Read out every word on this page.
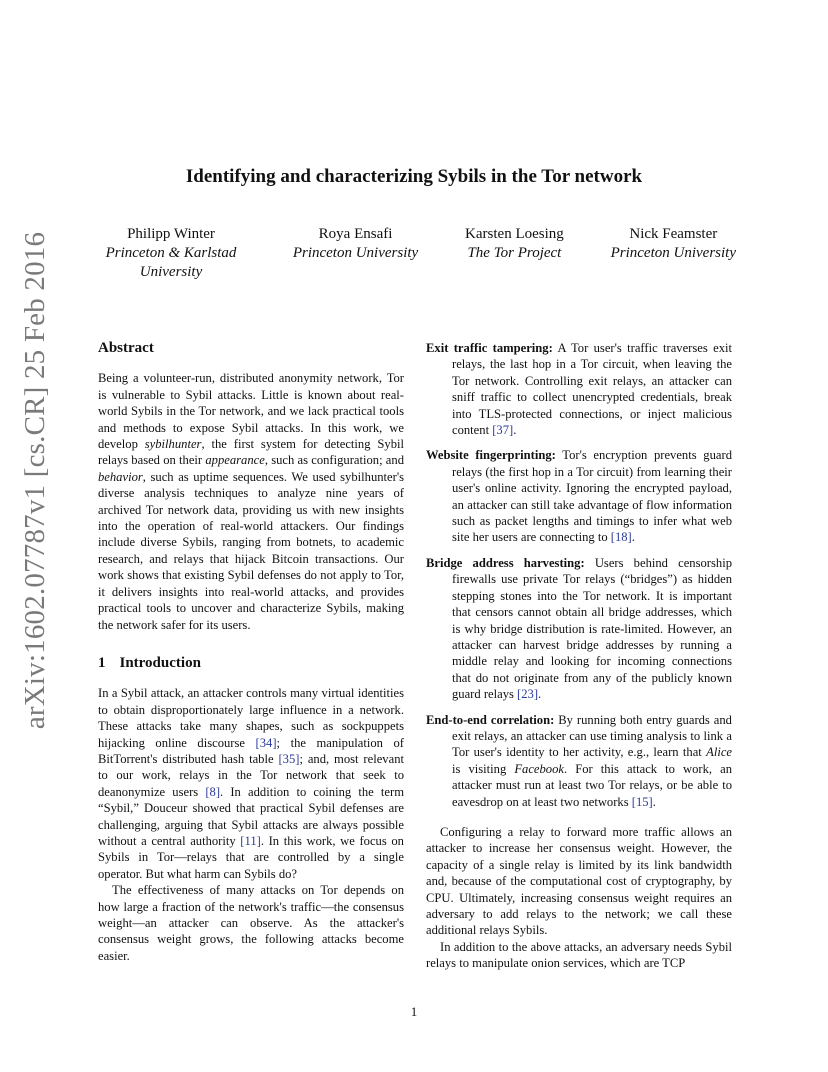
arXiv:1602.07787v1 [cs.CR] 25 Feb 2016
Identifying and characterizing Sybils in the Tor network
Philipp Winter
Princeton & Karlstad University
Roya Ensafi
Princeton University
Karsten Loesing
The Tor Project
Nick Feamster
Princeton University
Abstract

Being a volunteer-run, distributed anonymity network, Tor is vulnerable to Sybil attacks. Little is known about real-world Sybils in the Tor network, and we lack practical tools and methods to expose Sybil attacks. In this work, we develop sybilhunter, the first system for detecting Sybil relays based on their appearance, such as configuration; and behavior, such as uptime sequences. We used sybilhunter's diverse analysis techniques to analyze nine years of archived Tor network data, providing us with new insights into the operation of real-world attackers. Our findings include diverse Sybils, ranging from botnets, to academic research, and relays that hijack Bitcoin transactions. Our work shows that existing Sybil defenses do not apply to Tor, it delivers insights into real-world attacks, and provides practical tools to uncover and characterize Sybils, making the network safer for its users.

1 Introduction

In a Sybil attack, an attacker controls many virtual identities to obtain disproportionately large influence in a network. These attacks take many shapes, such as sockpuppets hijacking online discourse [34]; the manipulation of BitTorrent's distributed hash table [35]; and, most relevant to our work, relays in the Tor network that seek to deanonymize users [8]. In addition to coining the term “Sybil,” Douceur showed that practical Sybil defenses are challenging, arguing that Sybil attacks are always possible without a central authority [11]. In this work, we focus on Sybils in Tor—relays that are controlled by a single operator. But what harm can Sybils do?

The effectiveness of many attacks on Tor depends on how large a fraction of the network's traffic—the consensus weight—an attacker can observe. As the attacker's consensus weight grows, the following attacks become easier.

Exit traffic tampering: A Tor user's traffic traverses exit relays, the last hop in a Tor circuit, when leaving the Tor network. Controlling exit relays, an attacker can sniff traffic to collect unencrypted credentials, break into TLS-protected connections, or inject malicious content [37].

Website fingerprinting: Tor's encryption prevents guard relays (the first hop in a Tor circuit) from learning their user's online activity. Ignoring the encrypted payload, an attacker can still take advantage of flow information such as packet lengths and timings to infer what web site her users are connecting to [18].

Bridge address harvesting: Users behind censorship firewalls use private Tor relays (“bridges”) as hidden stepping stones into the Tor network. It is important that censors cannot obtain all bridge addresses, which is why bridge distribution is rate-limited. However, an attacker can harvest bridge addresses by running a middle relay and looking for incoming connections that do not originate from any of the publicly known guard relays [23].

End-to-end correlation: By running both entry guards and exit relays, an attacker can use timing analysis to link a Tor user's identity to her activity, e.g., learn that Alice is visiting Facebook. For this attack to work, an attacker must run at least two Tor relays, or be able to eavesdrop on at least two networks [15].

Configuring a relay to forward more traffic allows an attacker to increase her consensus weight. However, the capacity of a single relay is limited by its link bandwidth and, because of the computational cost of cryptography, by CPU. Ultimately, increasing consensus weight requires an adversary to add relays to the network; we call these additional relays Sybils.

In addition to the above attacks, an adversary needs Sybil relays to manipulate onion services, which are TCP

1
